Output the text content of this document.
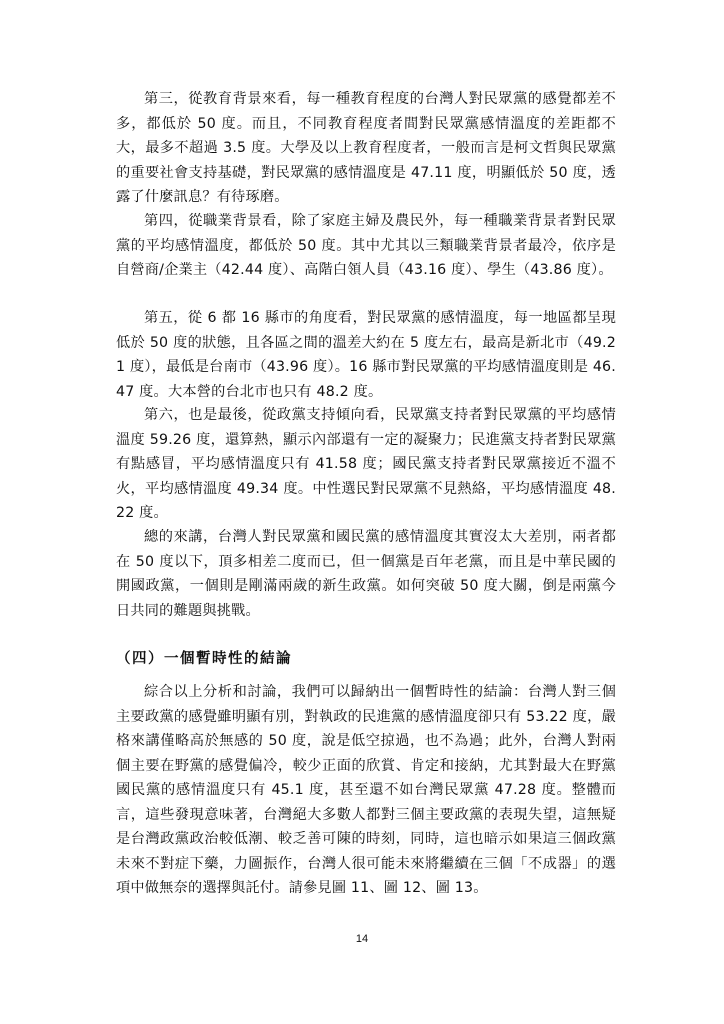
第三，從教育背景來看，每一種教育程度的台灣人對民眾黨的感覺都差不多，都低於 50 度。而且，不同教育程度者間對民眾黨感情溫度的差距都不大，最多不超過 3.5 度。大學及以上教育程度者，一般而言是柯文哲與民眾黨的重要社會支持基礎，對民眾黨的感情溫度是 47.11 度，明顯低於 50 度，透露了什麼訊息？有待琢磨。

第四，從職業背景看，除了家庭主婦及農民外，每一種職業背景者對民眾黨的平均感情溫度，都低於 50 度。其中尤其以三類職業背景者最冷，依序是自營商/企業主（42.44 度）、高階白領人員（43.16 度）、學生（43.86 度）。

第五，從 6 都 16 縣市的角度看，對民眾黨的感情溫度，每一地區都呈現低於 50 度的狀態，且各區之間的溫差大約在 5 度左右，最高是新北市（49.21 度），最低是台南市（43.96 度）。16 縣市對民眾黨的平均感情溫度則是 46.47 度。大本營的台北市也只有 48.2 度。

第六，也是最後，從政黨支持傾向看，民眾黨支持者對民眾黨的平均感情溫度 59.26 度，還算熱，顯示內部還有一定的凝聚力；民進黨支持者對民眾黨有點感冒，平均感情溫度只有 41.58 度；國民黨支持者對民眾黨接近不溫不火，平均感情溫度 49.34 度。中性選民對民眾黨不見熱絡，平均感情溫度 48.22 度。

總的來講，台灣人對民眾黨和國民黨的感情溫度其實沒太大差別，兩者都在 50 度以下，頂多相差二度而已，但一個黨是百年老黨，而且是中華民國的開國政黨，一個則是剛滿兩歲的新生政黨。如何突破 50 度大關，倒是兩黨今日共同的難題與挑戰。

（四）一個暫時性的結論

綜合以上分析和討論，我們可以歸納出一個暫時性的結論：台灣人對三個主要政黨的感覺雖明顯有別，對執政的民進黨的感情溫度卻只有 53.22 度，嚴格來講僅略高於無感的 50 度，說是低空掠過，也不為過；此外，台灣人對兩個主要在野黨的感覺偏冷，較少正面的欣賞、肯定和接納，尤其對最大在野黨國民黨的感情溫度只有 45.1 度，甚至還不如台灣民眾黨 47.28 度。整體而言，這些發現意味著，台灣絕大多數人都對三個主要政黨的表現失望，這無疑是台灣政黨政治較低潮、較乏善可陳的時刻，同時，這也暗示如果這三個政黨未來不對症下藥，力圖振作，台灣人很可能未來將繼續在三個「不成器」的選項中做無奈的選擇與託付。請參見圖 11、圖 12、圖 13。

14
